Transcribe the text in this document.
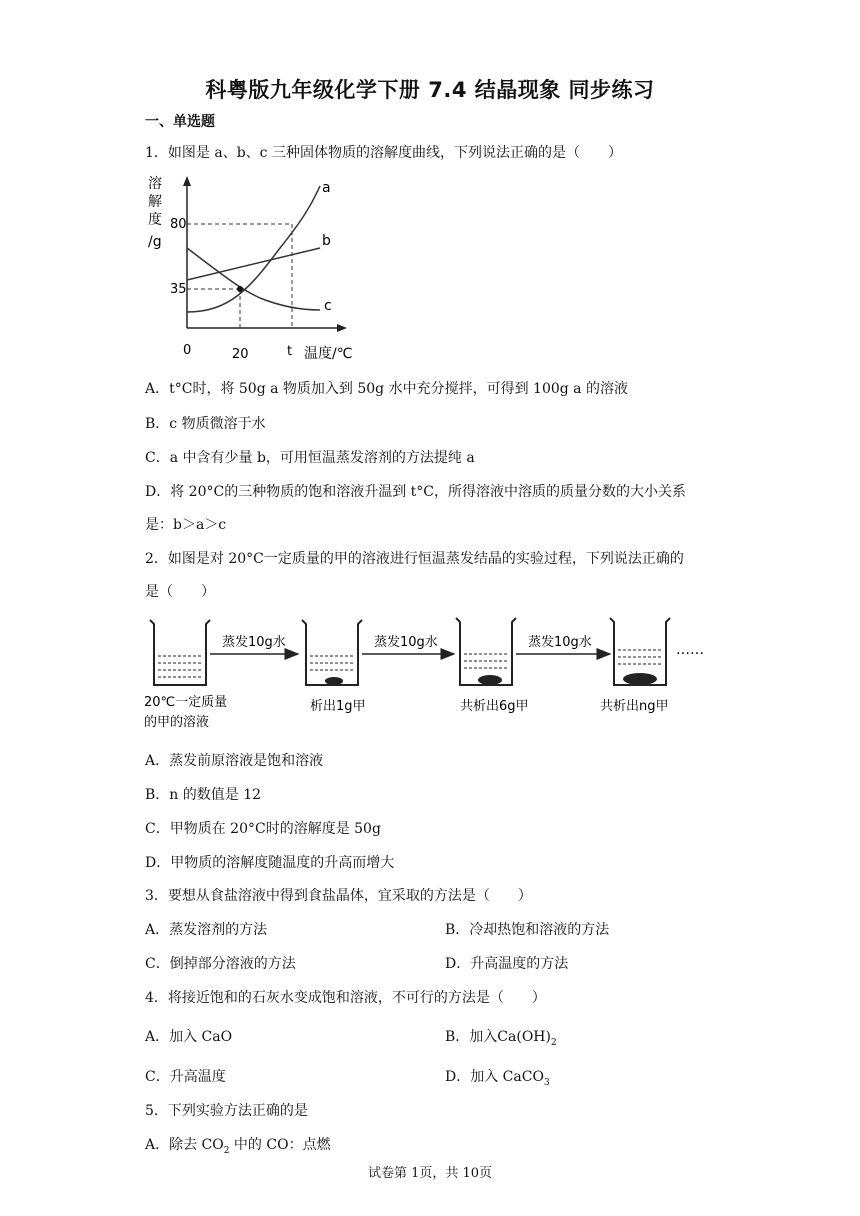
科粤版九年级化学下册 7.4 结晶现象 同步练习
一、单选题
1．如图是 a、b、c 三种固体物质的溶解度曲线，下列说法正确的是（　　）
溶
解
度
/g
80
35
0	20	t 温度/℃
a
b
c
A．t°C时，将 50g a 物质加入到 50g 水中充分搅拌，可得到 100g a 的溶液
B．c 物质微溶于水
C．a 中含有少量 b，可用恒温蒸发溶剂的方法提纯 a
D．将 20°C的三种物质的饱和溶液升温到 t°C，所得溶液中溶质的质量分数的大小关系
是：b＞a＞c
2．如图是对 20°C一定质量的甲的溶液进行恒温蒸发结晶的实验过程，下列说法正确的
是（　　）
蒸发10g水	蒸发10g水	蒸发10g水	……
20℃一定质量
的甲的溶液
析出1g甲	共析出6g甲	共析出ng甲
A．蒸发前原溶液是饱和溶液
B．n 的数值是 12
C．甲物质在 20°C时的溶解度是 50g
D．甲物质的溶解度随温度的升高而增大
3．要想从食盐溶液中得到食盐晶体，宜采取的方法是（　　）
A．蒸发溶剂的方法	B．冷却热饱和溶液的方法
C．倒掉部分溶液的方法	D．升高温度的方法
4．将接近饱和的石灰水变成饱和溶液，不可行的方法是（　　）
A．加入 CaO	B．加入$Ca(OH)_2$
C．升高温度	D．加入 CaCO$_3$
5．下列实验方法正确的是
A．除去 $CO_2$ 中的 CO：点燃
试卷第 1页，共 10页
